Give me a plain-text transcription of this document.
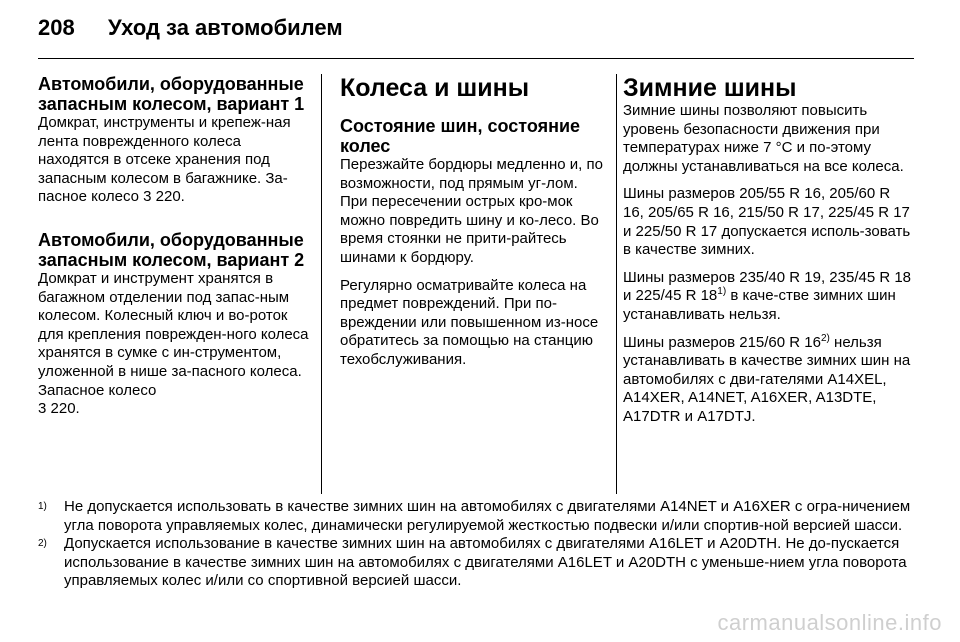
208 Уход за автомобилем
Автомобили, оборудованные запасным колесом, вариант 1

Домкрат, инструменты и крепеж-ная лента поврежденного колеса находятся в отсеке хранения под запасным колесом в багажнике. За-пасное колесо 3 220.

Автомобили, оборудованные запасным колесом, вариант 2

Домкрат и инструмент хранятся в багажном отделении под запас-ным колесом. Колесный ключ и во-роток для крепления поврежден-ного колеса хранятся в сумке с ин-струментом, уложенной в нише за-пасного колеса. Запасное колесо
3 220.

Колеса и шины
Состояние шин, состояние колес

Перезжайте бордюры медленно и, по возможности, под прямым уг-лом. При пересечении острых кро-мок можно повредить шину и ко-лесо. Во время стоянки не прити-райтесь шинами к бордюру.

Регулярно осматривайте колеса на предмет повреждений. При по-вреждении или повышенном из-носе обратитесь за помощью на станцию техобслуживания.

Зимние шины

Зимние шины позволяют повысить уровень безопасности движения при температурах ниже 7 °C и по-этому должны устанавливаться на все колеса.

Шины размеров 205/55 R 16, 205/60 R 16, 205/65 R 16, 215/50 R 17, 225/45 R 17 и 225/50 R 17 допускается исполь-зовать в качестве зимних.

Шины размеров 235/40 R 19, 235/45 R 18 и 225/45 R 18$^{1)}$ в каче-стве зимних шин устанавливать нельзя.

Шины размеров 215/60 R 16$^{2)}$ нельзя устанавливать в качестве зимних шин на автомобилях с дви-гателями A14XEL, A14XER, A14NET, A16XER, A13DTE, A17DTR и A17DTJ.

1)	Не допускается использовать в качестве зимних шин на автомобилях с двигателями A14NET и A16XER с огра-ничением угла поворота управляемых колес, динамически регулируемой жесткостью подвески и/или спортив-ной версией шасси.
2)	Допускается использование в качестве зимних шин на автомобилях с двигателями A16LET и A20DTH. Не до-пускается использование в качестве зимних шин на автомобилях с двигателями A16LET и A20DTH с уменьше-нием угла поворота управляемых колес и/или со спортивной версией шасси.
carmanualsonline.info
